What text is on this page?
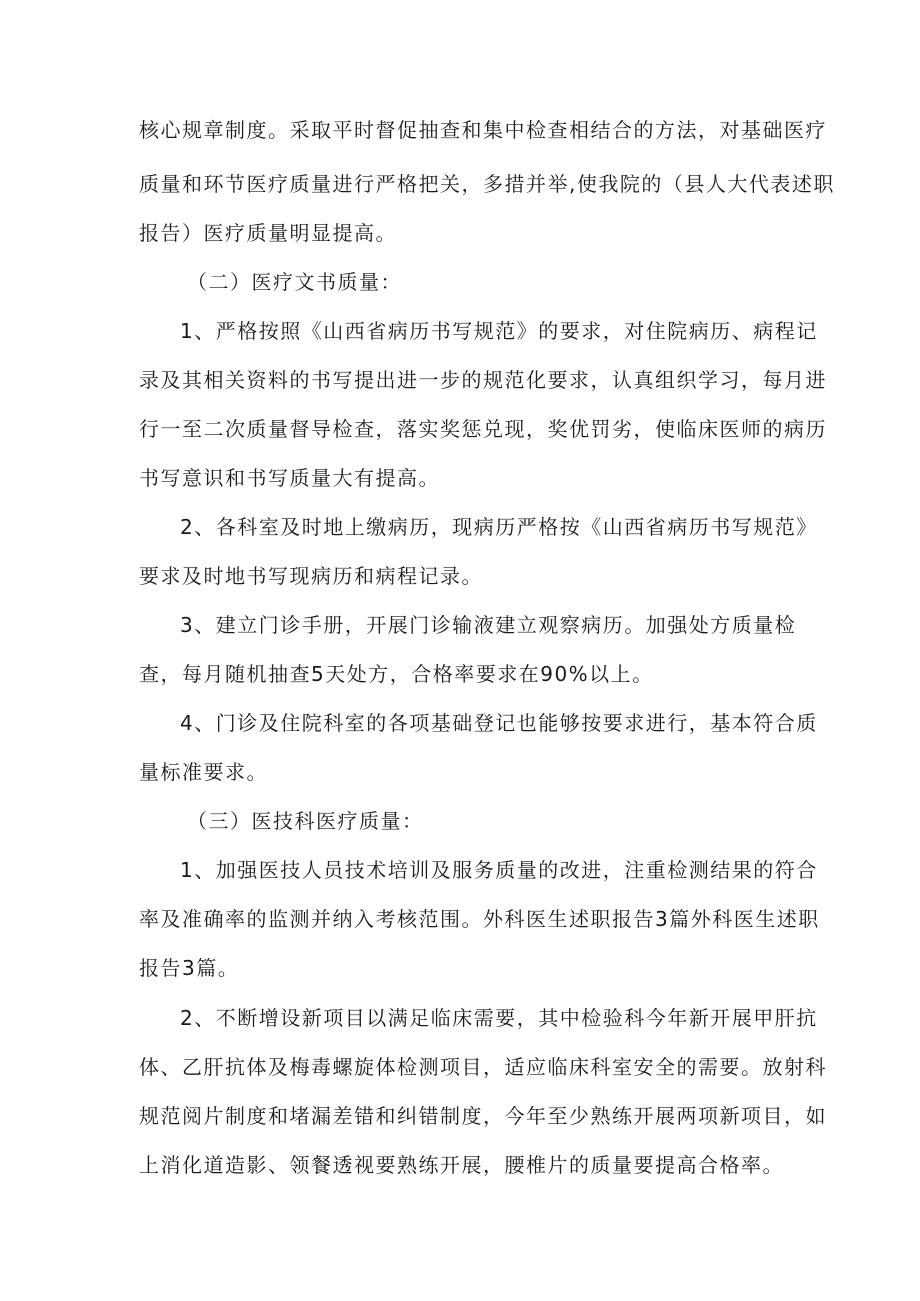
核心规章制度。采取平时督促抽查和集中检查相结合的方法，对基础医疗
质量和环节医疗质量进行严格把关，多措并举,使我院的（县人大代表述职
报告）医疗质量明显提高。
（二）医疗文书质量：
1、严格按照《山西省病历书写规范》的要求，对住院病历、病程记
录及其相关资料的书写提出进一步的规范化要求，认真组织学习，每月进
行一至二次质量督导检查，落实奖惩兑现，奖优罚劣，使临床医师的病历
书写意识和书写质量大有提高。
2、各科室及时地上缴病历，现病历严格按《山西省病历书写规范》
要求及时地书写现病历和病程记录。
3、建立门诊手册，开展门诊输液建立观察病历。加强处方质量检
查，每月随机抽查5天处方，合格率要求在90%以上。
4、门诊及住院科室的各项基础登记也能够按要求进行，基本符合质
量标准要求。
（三）医技科医疗质量：
1、加强医技人员技术培训及服务质量的改进，注重检测结果的符合
率及准确率的监测并纳入考核范围。外科医生述职报告3篇外科医生述职
报告3篇。
2、不断增设新项目以满足临床需要，其中检验科今年新开展甲肝抗
体、乙肝抗体及梅毒螺旋体检测项目，适应临床科室安全的需要。放射科
规范阅片制度和堵漏差错和纠错制度，今年至少熟练开展两项新项目，如
上消化道造影、领餐透视要熟练开展，腰椎片的质量要提高合格率。
